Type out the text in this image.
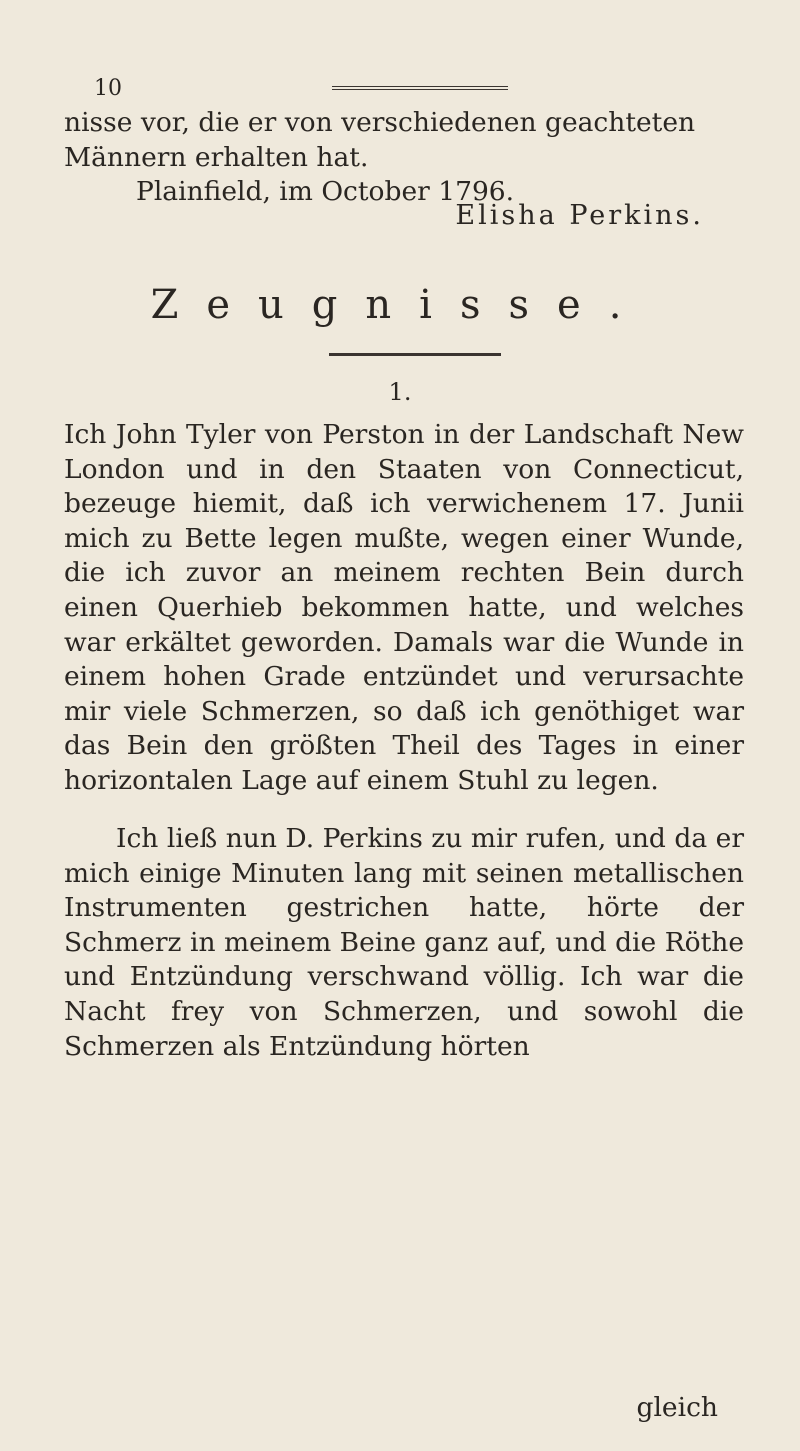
10
nisse vor, die er von verschiedenen geachteten Männern erhalten hat.
Plainfield, im October 1796.
Elisha Perkins.
Zeugnisse.
1.
Ich John Tyler von Perston in der Landschaft New London und in den Staaten von Connecticut, bezeuge hiemit, daß ich verwichenem 17. Junii mich zu Bette legen mußte, wegen einer Wunde, die ich zuvor an meinem rechten Bein durch einen Querhieb bekommen hatte, und welches war erkältet geworden. Damals war die Wunde in einem hohen Grade entzündet und verursachte mir viele Schmerzen, so daß ich genöthiget war das Bein den größten Theil des Tages in einer horizontalen Lage auf einem Stuhl zu legen.
Ich ließ nun D. Perkins zu mir rufen, und da er mich einige Minuten lang mit seinen metallischen Instrumenten gestrichen hatte, hörte der Schmerz in meinem Beine ganz auf, und die Röthe und Entzündung verschwand völlig. Ich war die Nacht frey von Schmerzen, und sowohl die Schmerzen als Entzündung hörten
gleich
